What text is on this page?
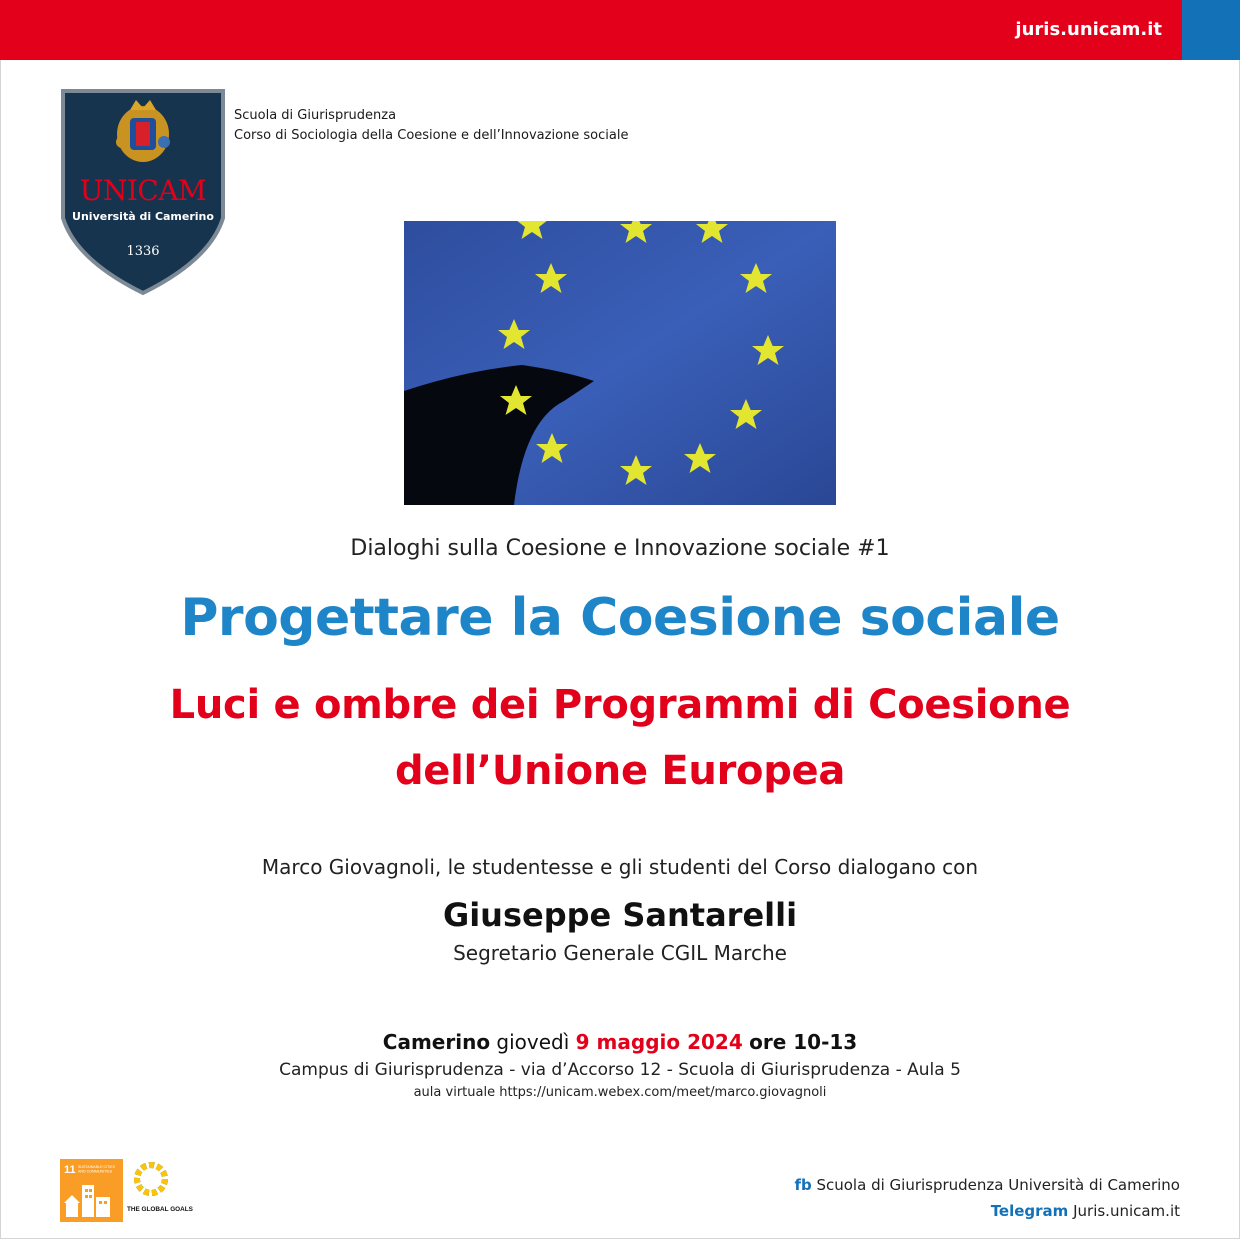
juris.unicam.it
UNICAM
Università di Camerino
1336
Scuola di Giurisprudenza
Corso di Sociologia della Coesione e dell’Innovazione sociale
Dialoghi sulla Coesione e Innovazione sociale #1
Progettare la Coesione sociale
Luci e ombre dei Programmi di Coesione
dell’Unione Europea
Marco Giovagnoli, le studentesse e gli studenti del Corso dialogano con
Giuseppe Santarelli
Segretario Generale CGIL Marche
Camerino giovedì 9 maggio 2024 ore 10-13
Campus di Giurisprudenza - via d’Accorso 12 - Scuola di Giurisprudenza - Aula 5
aula virtuale https://unicam.webex.com/meet/marco.giovagnoli
11 SUSTAINABLE CITIES AND COMMUNITIES
THE GLOBAL GOALS
fb Scuola di Giurisprudenza Università di Camerino
Telegram Juris.unicam.it
